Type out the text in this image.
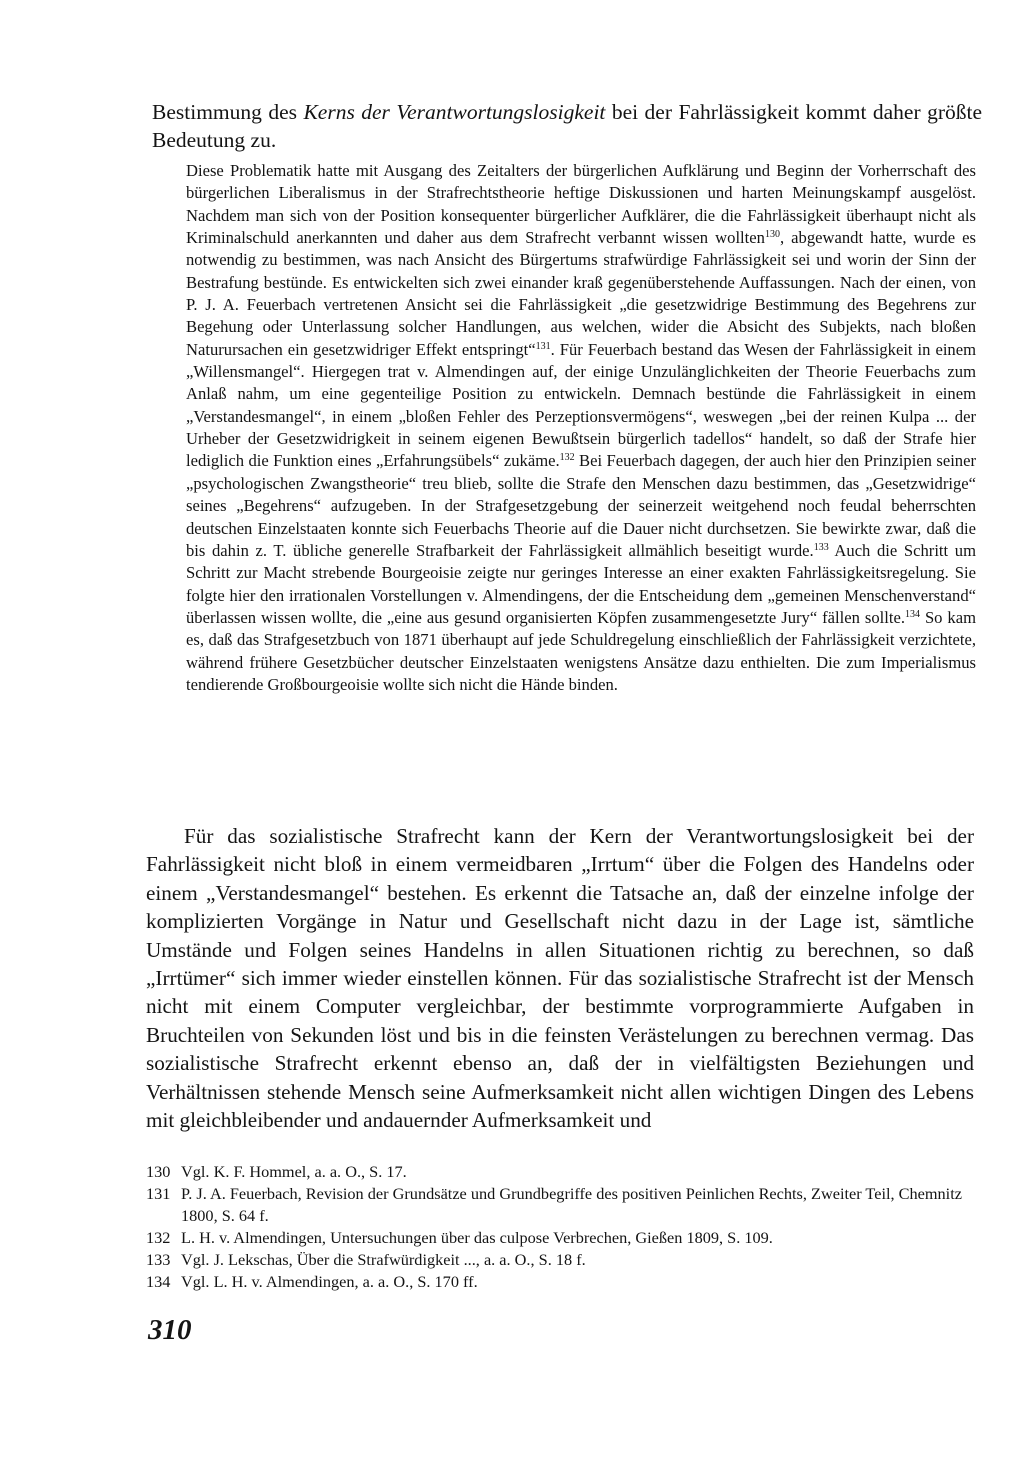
Bestimmung des Kerns der Verantwortungslosigkeit bei der Fahrlässigkeit kommt daher größte Bedeutung zu.

Diese Problematik hatte mit Ausgang des Zeitalters der bürgerlichen Aufklärung und Beginn der Vorherrschaft des bürgerlichen Liberalismus in der Strafrechtstheorie heftige Diskussionen und harten Meinungskampf ausgelöst. Nachdem man sich von der Position konsequenter bürgerlicher Aufklärer, die die Fahrlässigkeit überhaupt nicht als Kriminalschuld anerkannten und daher aus dem Strafrecht verbannt wissen wollten$^{130}$, abgewandt hatte, wurde es notwendig zu bestimmen, was nach Ansicht des Bürgertums strafwürdige Fahrlässigkeit sei und worin der Sinn der Bestrafung bestünde. Es entwickelten sich zwei einander kraß gegenüberstehende Auffassungen. Nach der einen, von P. J. A. Feuerbach vertretenen Ansicht sei die Fahrlässigkeit „die gesetzwidrige Bestimmung des Begehrens zur Begehung oder Unterlassung solcher Handlungen, aus welchen, wider die Absicht des Subjekts, nach bloßen Naturursachen ein gesetzwidriger Effekt entspringt“$^{131}$. Für Feuerbach bestand das Wesen der Fahrlässigkeit in einem „Willensmangel“. Hiergegen trat v. Almendingen auf, der einige Unzulänglichkeiten der Theorie Feuerbachs zum Anlaß nahm, um eine gegenteilige Position zu entwickeln. Demnach bestünde die Fahrlässigkeit in einem „Verstandesmangel“, in einem „bloßen Fehler des Perzeptionsvermögens“, weswegen „bei der reinen Kulpa ... der Urheber der Gesetzwidrigkeit in seinem eigenen Bewußtsein bürgerlich tadellos“ handelt, so daß der Strafe hier lediglich die Funktion eines „Erfahrungsübels“ zukäme.$^{132}$ Bei Feuerbach dagegen, der auch hier den Prinzipien seiner „psychologischen Zwangstheorie“ treu blieb, sollte die Strafe den Menschen dazu bestimmen, das „Gesetzwidrige“ seines „Begehrens“ aufzugeben. In der Strafgesetzgebung der seinerzeit weitgehend noch feudal beherrschten deutschen Einzelstaaten konnte sich Feuerbachs Theorie auf die Dauer nicht durchsetzen. Sie bewirkte zwar, daß die bis dahin z. T. übliche generelle Strafbarkeit der Fahrlässigkeit allmählich beseitigt wurde.$^{133}$ Auch die Schritt um Schritt zur Macht strebende Bourgeoisie zeigte nur geringes Interesse an einer exakten Fahrlässigkeitsregelung. Sie folgte hier den irrationalen Vorstellungen v. Almendingens, der die Entscheidung dem „gemeinen Menschenverstand“ überlassen wissen wollte, die „eine aus gesund organisierten Köpfen zusammengesetzte Jury“ fällen sollte.$^{134}$ So kam es, daß das Strafgesetzbuch von 1871 überhaupt auf jede Schuldregelung einschließlich der Fahrlässigkeit verzichtete, während frühere Gesetzbücher deutscher Einzelstaaten wenigstens Ansätze dazu enthielten. Die zum Imperialismus tendierende Großbourgeoisie wollte sich nicht die Hände binden.

Für das sozialistische Strafrecht kann der Kern der Verantwortungslosigkeit bei der Fahrlässigkeit nicht bloß in einem vermeidbaren „Irrtum“ über die Folgen des Handelns oder einem „Verstandesmangel“ bestehen. Es erkennt die Tatsache an, daß der einzelne infolge der komplizierten Vorgänge in Natur und Gesellschaft nicht dazu in der Lage ist, sämtliche Umstände und Folgen seines Handelns in allen Situationen richtig zu berechnen, so daß „Irrtümer“ sich immer wieder einstellen können. Für das sozialistische Strafrecht ist der Mensch nicht mit einem Computer vergleichbar, der bestimmte vorprogrammierte Aufgaben in Bruchteilen von Sekunden löst und bis in die feinsten Verästelungen zu berechnen vermag. Das sozialistische Strafrecht erkennt ebenso an, daß der in vielfältigsten Beziehungen und Verhältnissen stehende Mensch seine Aufmerksamkeit nicht allen wichtigen Dingen des Lebens mit gleichbleibender und andauernder Aufmerksamkeit und

130 Vgl. K. F. Hommel, a. a. O., S. 17.
131 P. J. A. Feuerbach, Revision der Grundsätze und Grundbegriffe des positiven Peinlichen Rechts, Zweiter Teil, Chemnitz 1800, S. 64 f.
132 L. H. v. Almendingen, Untersuchungen über das culpose Verbrechen, Gießen 1809, S. 109.
133 Vgl. J. Lekschas, Über die Strafwürdigkeit ..., a. a. O., S. 18 f.
134 Vgl. L. H. v. Almendingen, a. a. O., S. 170 ff.
310
